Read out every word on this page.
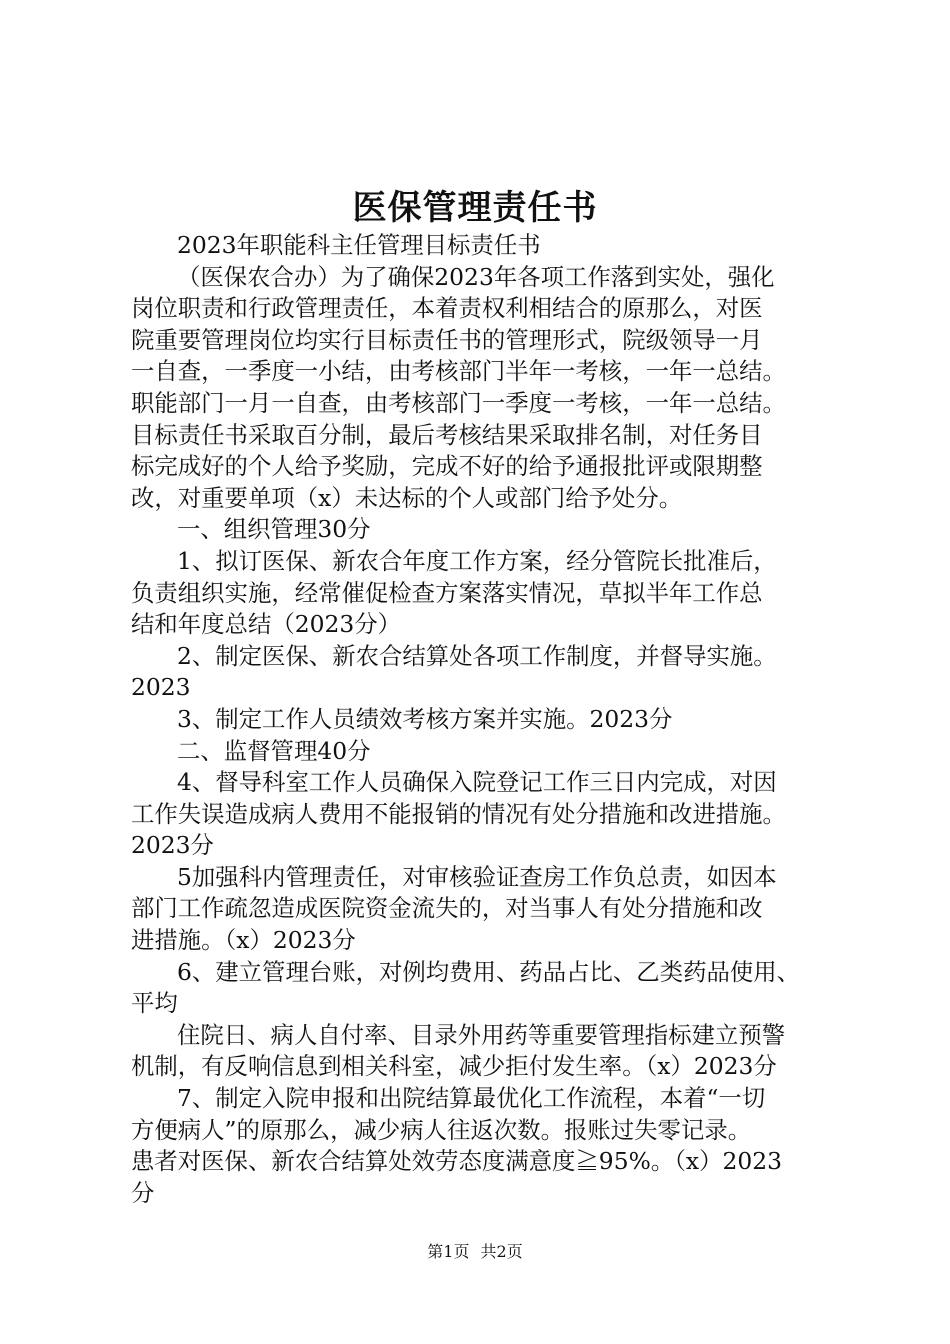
医保管理责任书

2023年职能科主任管理目标责任书

（医保农合办）为了确保2023年各项工作落到实处，强化

岗位职责和行政管理责任，本着责权利相结合的原那么，对医

院重要管理岗位均实行目标责任书的管理形式，院级领导一月

一自查，一季度一小结，由考核部门半年一考核，一年一总结。

职能部门一月一自查，由考核部门一季度一考核，一年一总结。

目标责任书采取百分制，最后考核结果采取排名制，对任务目

标完成好的个人给予奖励，完成不好的给予通报批评或限期整

改，对重要单项（x）未达标的个人或部门给予处分。

一、组织管理30分

1、拟订医保、新农合年度工作方案，经分管院长批准后，

负责组织实施，经常催促检查方案落实情况，草拟半年工作总

结和年度总结（2023分）

2、制定医保、新农合结算处各项工作制度，并督导实施。

2023

3、制定工作人员绩效考核方案并实施。2023分

二、监督管理40分

4、督导科室工作人员确保入院登记工作三日内完成，对因

工作失误造成病人费用不能报销的情况有处分措施和改进措施。

2023分

5加强科内管理责任，对审核验证查房工作负总责，如因本

部门工作疏忽造成医院资金流失的，对当事人有处分措施和改

进措施。（x）2023分

6、建立管理台账，对例均费用、药品占比、乙类药品使用、

平均

住院日、病人自付率、目录外用药等重要管理指标建立预警

机制，有反响信息到相关科室，减少拒付发生率。（x）2023分

7、制定入院申报和出院结算最优化工作流程，本着“一切

方便病人”的原那么，减少病人往返次数。报账过失零记录。

患者对医保、新农合结算处效劳态度满意度≧95%。（x）2023

分

第1页 共2页
